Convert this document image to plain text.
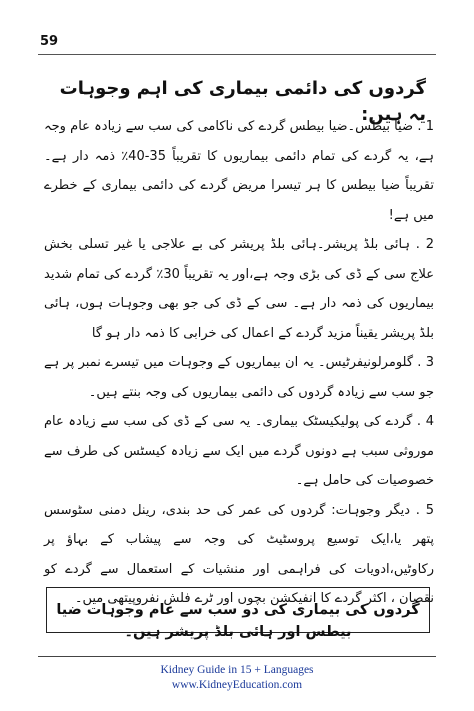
59
گردوں کی دائمی بیماری کی اہم وجوہات یہ ہیں:

1 . ضیا بیطس۔ضیا بیطس گردے کی ناکامی کی سب سے زیادہ عام وجہ ہے، یہ گردے کی تمام دائمی بیماریوں کا تقریباً 35-40٪ ذمہ دار ہے۔ تقریباً ضیا بیطس کا ہر تیسرا مریض گردے کی دائمی بیماری کے خطرے میں ہے!

2 . ہائی بلڈ پریشر۔ہائی بلڈ پریشر کی بے علاجی یا غیر تسلی بخش علاج سی کے ڈی کی بڑی وجہ ہے،اور یہ تقریباً 30٪ گردے کی تمام شدید بیماریوں کی ذمہ دار ہے۔ سی کے ڈی کی جو بھی وجوہات ہوں، ہائی بلڈ پریشر یقیناً مزید گردے کے اعمال کی خرابی کا ذمہ دار ہو گا

3 . گلومرلونیفرٹیس۔ یہ ان بیماریوں کے وجوہات میں تیسرے نمبر پر ہے جو سب سے زیادہ گردوں کی دائمی بیماریوں کی وجہ بنتے ہیں۔

4 . گردے کی پولیکیسٹک بیماری۔ یہ سی کے ڈی کی سب سے زیادہ عام موروثی سبب ہے دونوں گردے میں ایک سے زیادہ کیسٹس کی طرف سے خصوصیات کی حامل ہے۔

5 . دیگر وجوہات: گردوں کی عمر کی حد بندی، رینل دمنی سٹوسس پتھر یا،ایک توسیع پروسٹیٹ کی وجہ سے پیشاب کے بہاؤ پر رکاوٹیں،ادویات کی فراہمی اور منشیات کے استعمال سے گردے کو نقصان ، اکثر گردے کا انفیکشن بچوں اور ٹرے فلش نفروپیتھی میں۔

گردوں کی بیماری کی دو سب سے عام وجوہات ضیا بیطس اور ہائی بلڈ پریشر ہیں۔
Kidney Guide in 15 + Languages
www.KidneyEducation.com
